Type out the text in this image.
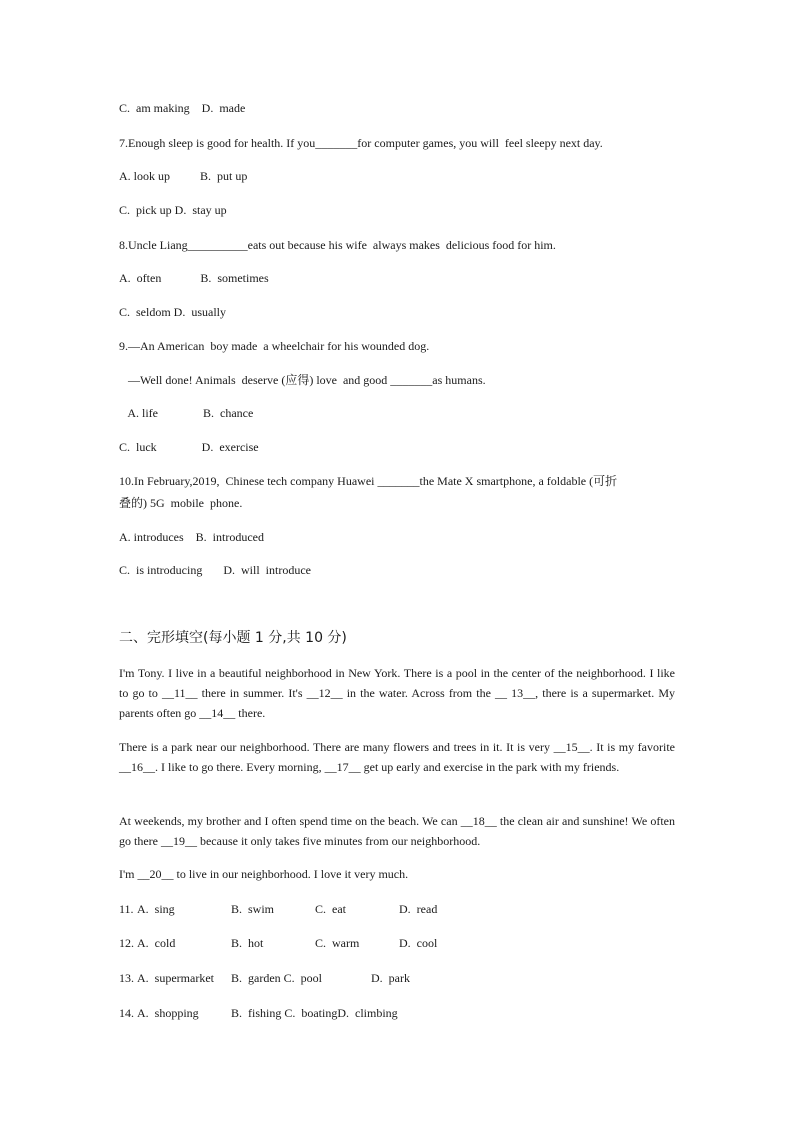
C.  am making    D.  made
7.Enough sleep is good for health. If you_______for computer games, you will  feel sleepy next day.
A. look up          B.  put up
C.  pick up D.  stay up
8.Uncle Liang__________eats out because his wife  always makes  delicious food for him.
A.  often             B.  sometimes
C.  seldom D.  usually
9.—An American  boy made  a wheelchair for his wounded dog.
—Well done! Animals  deserve (应得) love  and good _______as humans.
A. life               B.  chance
C.  luck               D.  exercise
10.In February,2019,  Chinese tech company Huawei _______the Mate X smartphone, a foldable (可折
叠的) 5G  mobile  phone.
A. introduces    B.  introduced
C.  is introducing       D.  will  introduce
二、完形填空(每小题 1 分,共 10 分)
I'm Tony. I live in a beautiful neighborhood in New York. There is a pool in the center of the neighborhood. I like to go to __11__ there in summer. It's __12__ in the water. Across from the __ 13__, there is a supermarket. My parents often go __14__ there.
There is a park near our neighborhood. There are many flowers and trees in it. It is very __15__. It is my favorite __16__. I like to go there. Every morning, __17__ get up early and exercise in the park with my friends.
At weekends, my brother and I often spend time on the beach. We can __18__ the clean air and sunshine! We often go there __19__ because it only takes five minutes from our neighborhood.
I'm __20__ to live in our neighborhood. I love it very much.
11. A.  sing	B.  swim	C.  eat	D.  read
12. A.  cold	B.  hot	C.  warm	D.  cool
13. A.  supermarket B.  garden C.  pool	D.  park
14. A.  shopping	B.  fishing C.  boatingD.  climbing
